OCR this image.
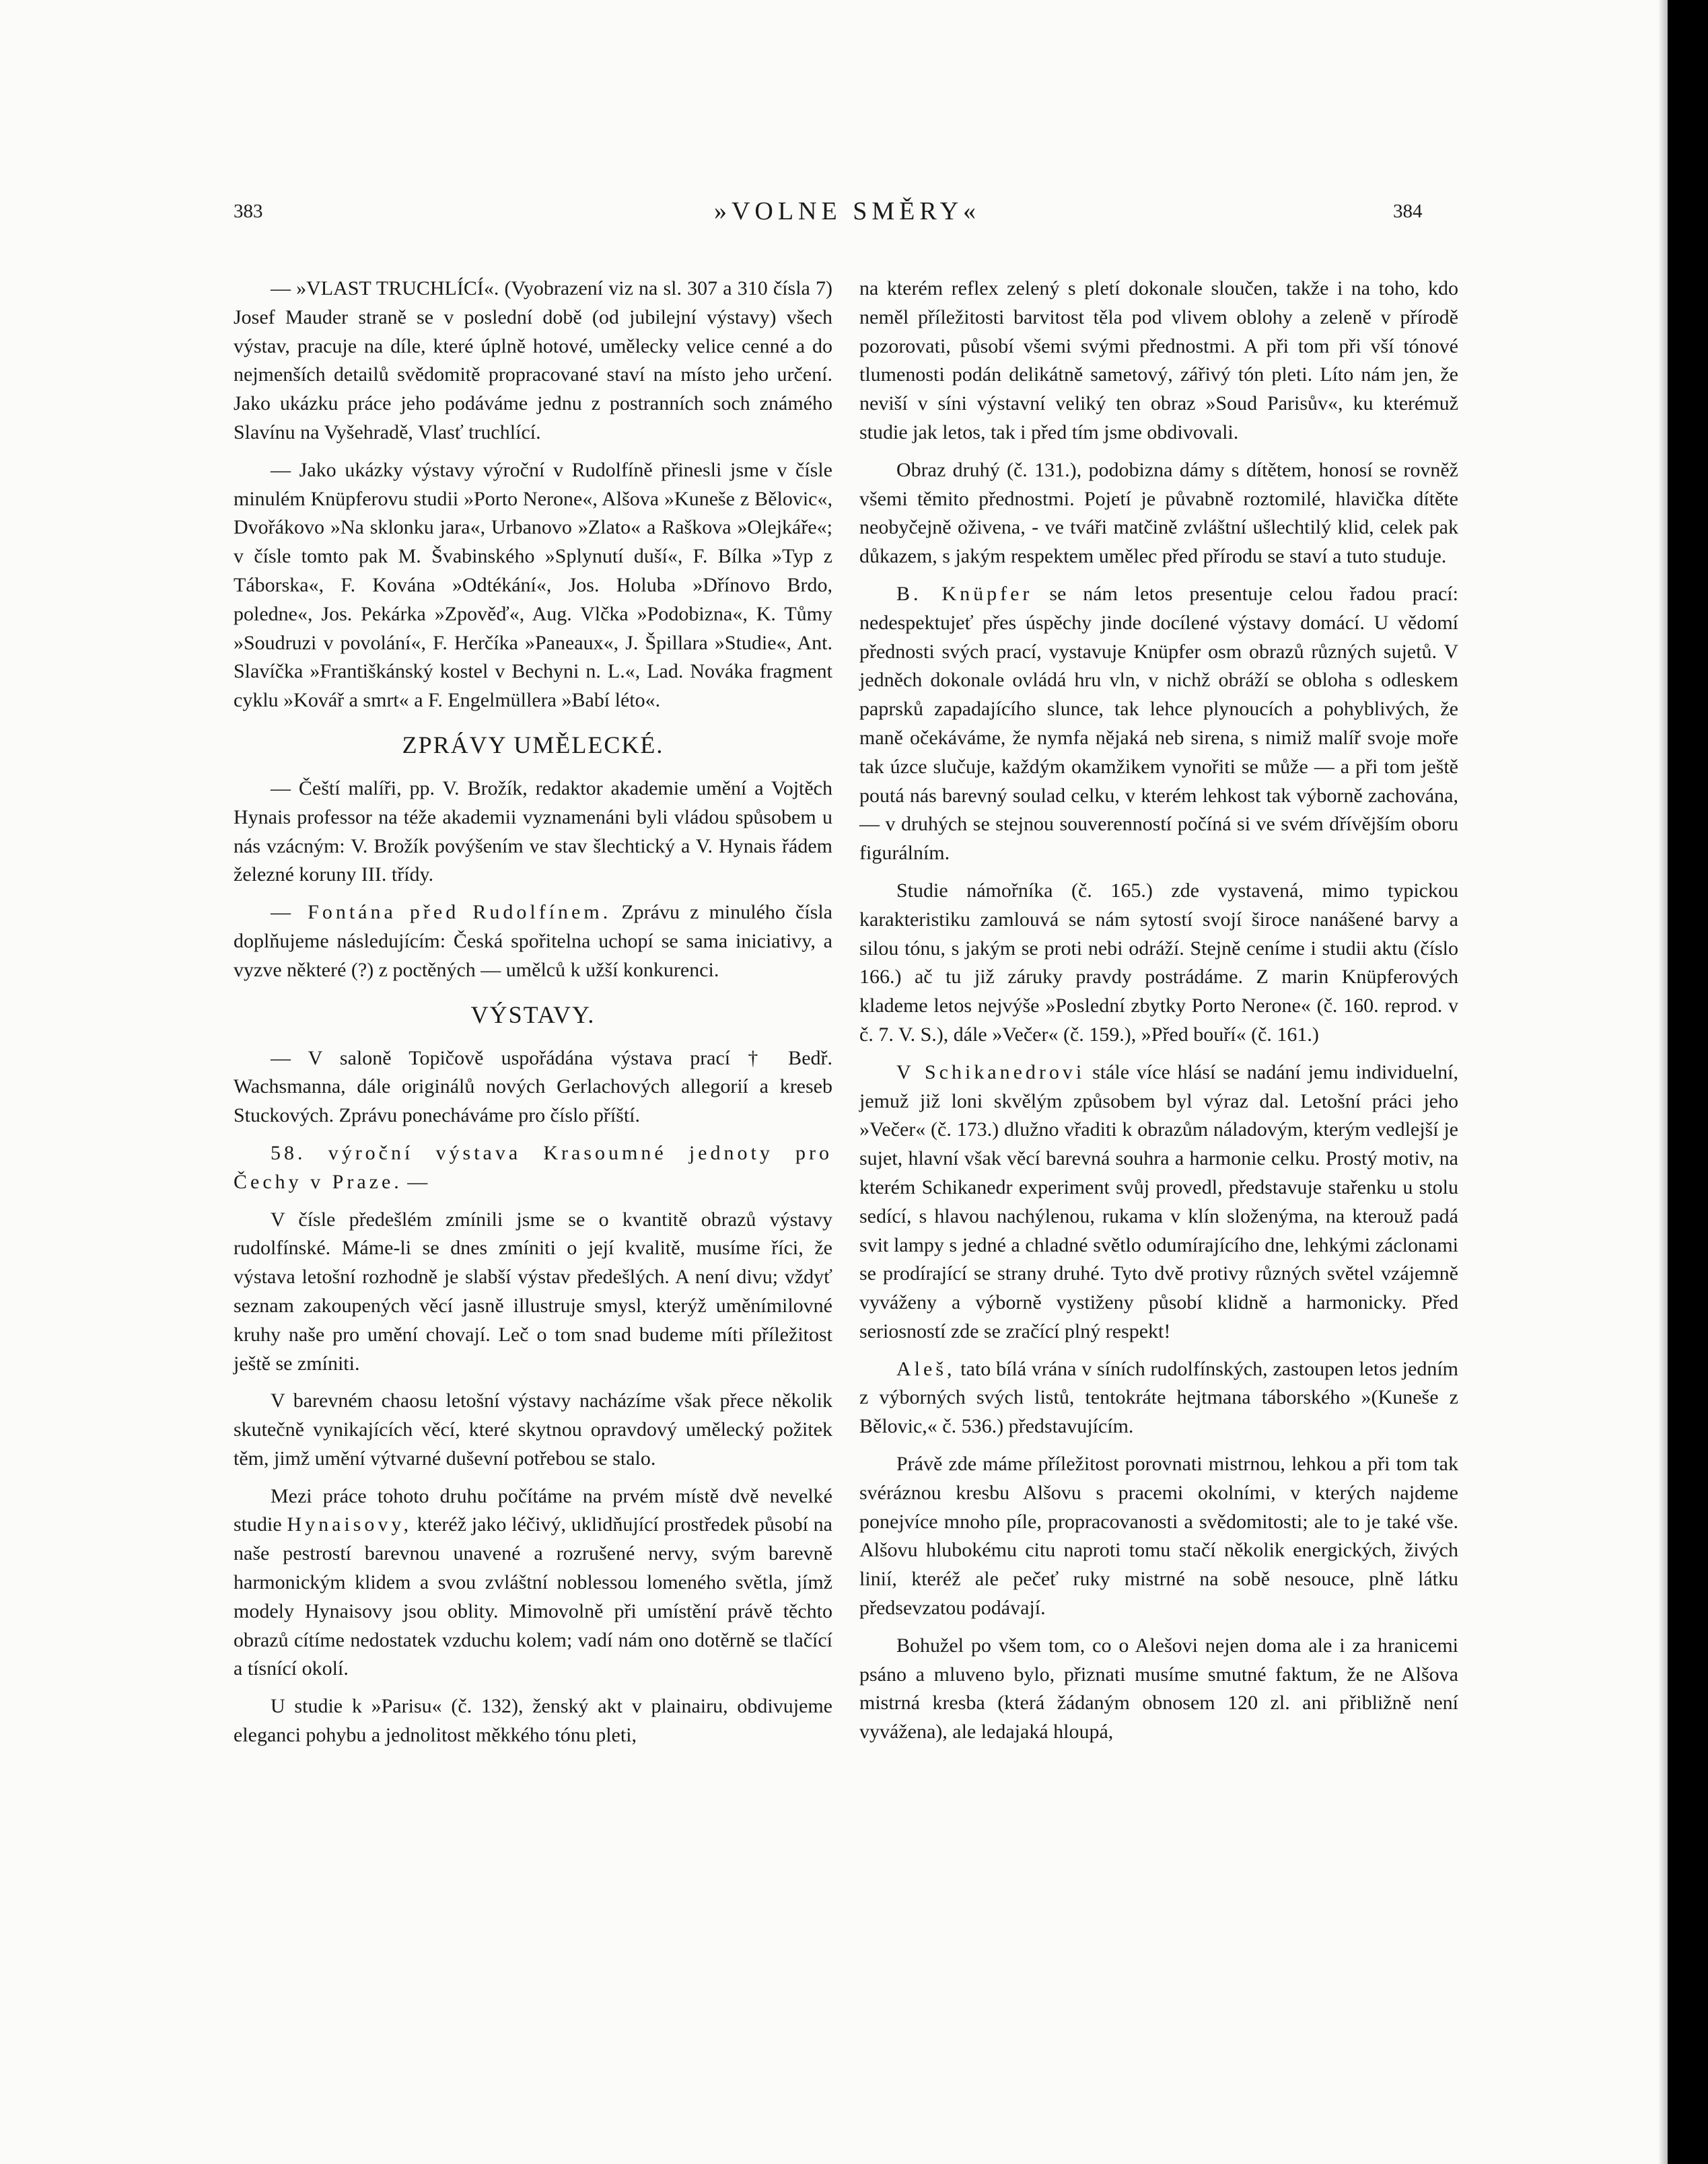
383	»VOLNE SMĚRY«	384

— »VLAST TRUCHLÍCÍ«. (Vyobrazení viz na sl. 307 a 310 čísla 7) Josef Mauder straně se v poslední době (od jubilejní výstavy) všech výstav, pracuje na díle, které úplně hotové, umělecky velice cenné a do nejmenších detailů svědomitě propracované staví na místo jeho určení. Jako ukázku práce jeho podáváme jednu z postranních soch známého Slavínu na Vyšehradě, Vlasť truchlící.

— Jako ukázky výstavy výroční v Rudolfíně přinesli jsme v čísle minulém Knüpferovu studii »Porto Nerone«, Alšova »Kuneše z Bělovic«, Dvořákovo »Na sklonku jara«, Urbanovo »Zlato« a Raškova »Olejkáře«; v čísle tomto pak M. Švabinského »Splynutí duší«, F. Bílka »Typ z Táborska«, F. Kována »Odtékání«, Jos. Holuba »Dřínovo Brdo, poledne«, Jos. Pekárka »Zpověď«, Aug. Vlčka »Podobizna«, K. Tůmy »Soudruzi v povolání«, F. Herčíka »Paneaux«, J. Špillara »Studie«, Ant. Slavíčka »Františkánský kostel v Bechyni n. L.«, Lad. Nováka fragment cyklu »Kovář a smrt« a F. Engelmüllera »Babí léto«.

ZPRÁVY UMĚLECKÉ.

— Čeští malíři, pp. V. Brožík, redaktor akademie umění a Vojtěch Hynais professor na téže akademii vyznamenáni byli vládou spůsobem u nás vzácným: V. Brožík povýšením ve stav šlechtický a V. Hynais řádem železné koruny III. třídy.

— Fontána před Rudolfínem. Zprávu z minulého čísla doplňujeme následujícím: Česká spořitelna uchopí se sama iniciativy, a vyzve některé (?) z poctěných — umělců k užší konkurenci.

VÝSTAVY.

— V saloně Topičově uspořádána výstava prací † Bedř. Wachsmanna, dále originálů nových Gerlachových allegorií a kreseb Stuckových. Zprávu ponecháváme pro číslo příští.

58. výroční výstava Krasoumné jednoty pro Čechy v Praze. —

V čísle předešlém zmínili jsme se o kvantitě obrazů výstavy rudolfínské. Máme-li se dnes zmíniti o její kvalitě, musíme říci, že výstava letošní rozhodně je slabší výstav předešlých. A není divu; vždyť seznam zakoupených věcí jasně illustruje smysl, kterýž uměnímilovné kruhy naše pro umění chovají. Leč o tom snad budeme míti příležitost ještě se zmíniti.

V barevném chaosu letošní výstavy nacházíme však přece několik skutečně vynikajících věcí, které skytnou opravdový umělecký požitek těm, jimž umění výtvarné duševní potřebou se stalo.

Mezi práce tohoto druhu počítáme na prvém místě dvě nevelké studie Hynaisovy, kteréž jako léčivý, uklidňující prostředek působí na naše pestrostí barevnou unavené a rozrušené nervy, svým barevně harmonickým klidem a svou zvláštní noblessou lomeného světla, jímž modely Hynaisovy jsou oblity. Mimovolně při umístění právě těchto obrazů cítíme nedostatek vzduchu kolem; vadí nám ono dotěrně se tlačící a tísnící okolí.

U studie k »Parisu« (č. 132), ženský akt v plainairu, obdivujeme eleganci pohybu a jednolitost měkkého tónu pleti,

na kterém reflex zelený s pletí dokonale sloučen, takže i na toho, kdo neměl příležitosti barvitost těla pod vlivem oblohy a zeleně v přírodě pozorovati, působí všemi svými přednostmi. A při tom při vší tónové tlumenosti podán delikátně sametový, zářivý tón pleti. Líto nám jen, že neviší v síni výstavní veliký ten obraz »Soud Parisův«, ku kterémuž studie jak letos, tak i před tím jsme obdivovali.

Obraz druhý (č. 131.), podobizna dámy s dítětem, honosí se rovněž všemi těmito přednostmi. Pojetí je půvabně roztomilé, hlavička dítěte neobyčejně oživena, - ve tváři matčině zvláštní ušlechtilý klid, celek pak důkazem, s jakým respektem umělec před přírodu se staví a tuto studuje.

B. Knüpfer se nám letos presentuje celou řadou prací: nedespektujeť přes úspěchy jinde docílené výstavy domácí. U vědomí přednosti svých prací, vystavuje Knüpfer osm obrazů různých sujetů. V jedněch dokonale ovládá hru vln, v nichž obráží se obloha s odleskem paprsků zapadajícího slunce, tak lehce plynoucích a pohyblivých, že maně očekáváme, že nymfa nějaká neb sirena, s nimiž malíř svoje moře tak úzce slučuje, každým okamžikem vynořiti se může — a při tom ještě poutá nás barevný soulad celku, v kterém lehkost tak výborně zachována, — v druhých se stejnou souverenností počíná si ve svém dřívějším oboru figurálním.

Studie námořníka (č. 165.) zde vystavená, mimo typickou karakteristiku zamlouvá se nám sytostí svojí široce nanášené barvy a silou tónu, s jakým se proti nebi odráží. Stejně ceníme i studii aktu (číslo 166.) ač tu již záruky pravdy postrádáme. Z marin Knüpferových klademe letos nejvýše »Poslední zbytky Porto Nerone« (č. 160. reprod. v č. 7. V. S.), dále »Večer« (č. 159.), »Před bouří« (č. 161.)

V Schikanedrovi stále více hlásí se nadání jemu individuelní, jemuž již loni skvělým způsobem byl výraz dal. Letošní práci jeho »Večer« (č. 173.) dlužno vřaditi k obrazům náladovým, kterým vedlejší je sujet, hlavní však věcí barevná souhra a harmonie celku. Prostý motiv, na kterém Schikanedr experiment svůj provedl, představuje stařenku u stolu sedící, s hlavou nachýlenou, rukama v klín složenýma, na kterouž padá svit lampy s jedné a chladné světlo odumírajícího dne, lehkými záclonami se prodírající se strany druhé. Tyto dvě protivy různých světel vzájemně vyváženy a výborně vystiženy působí klidně a harmonicky. Před seriosností zde se zračící plný respekt!

Aleš, tato bílá vrána v síních rudolfínských, zastoupen letos jedním z výborných svých listů, tentokráte hejtmana táborského »(Kuneše z Bělovic,« č. 536.) představujícím.

Právě zde máme příležitost porovnati mistrnou, lehkou a při tom tak svéráznou kresbu Alšovu s pracemi okolními, v kterých najdeme ponejvíce mnoho píle, propracovanosti a svědomitosti; ale to je také vše. Alšovu hlubokému citu naproti tomu stačí několik energických, živých linií, kteréž ale pečeť ruky mistrné na sobě nesouce, plně látku předsevzatou podávají.

Bohužel po všem tom, co o Alešovi nejen doma ale i za hranicemi psáno a mluveno bylo, přiznati musíme smutné faktum, že ne Alšova mistrná kresba (která žádaným obnosem 120 zl. ani přibližně není vyvážena), ale ledajaká hloupá,
